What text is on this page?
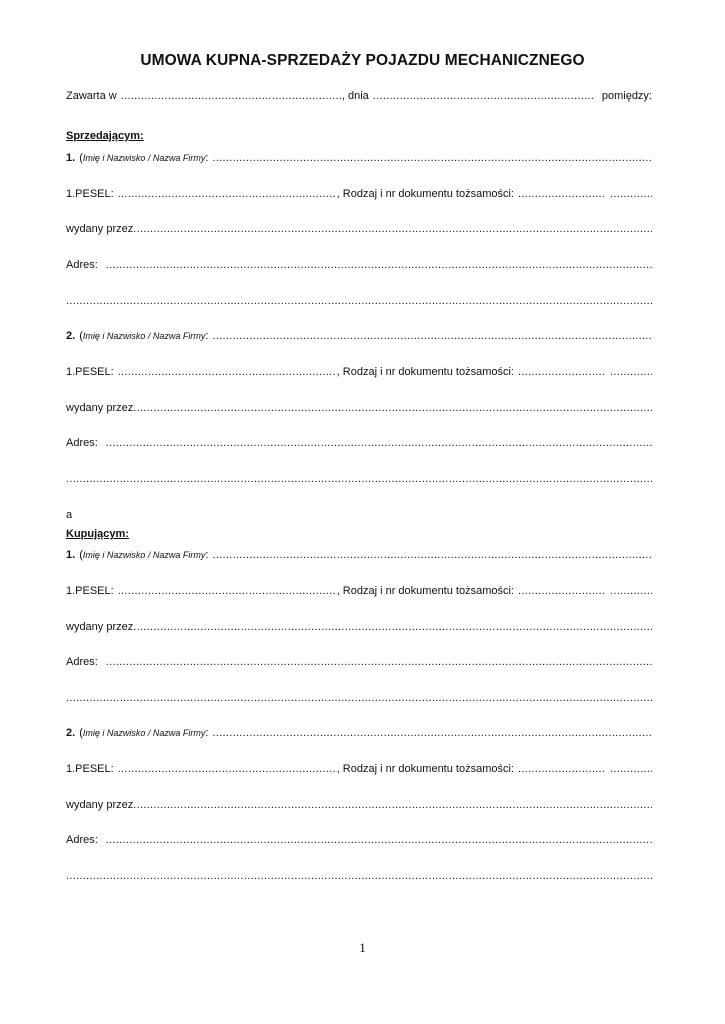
UMOWA KUPNA-SPRZEDAŻY POJAZDU MECHANICZNEGO
Zawarta w .....	, dnia .....	pomiędzy:
Sprzedającym:
1. ( Imię i Nazwisko / Nazwa Firmy :
.....
1.PESEL: .....	, Rodzaj i nr dokumentu tożsamości:
.....
.....
wydany przez
.....
Adres:
.....
.....
2. ( Imię i Nazwisko / Nazwa Firmy :
.....
1.PESEL: .....	, Rodzaj i nr dokumentu tożsamości:
.....
.....
wydany przez
.....
Adres:
.....
.....
a
Kupującym:
1. ( Imię i Nazwisko / Nazwa Firmy :
.....
1.PESEL: .....	, Rodzaj i nr dokumentu tożsamości:
.....
.....
wydany przez
.....
Adres:
.....
.....
2. ( Imię i Nazwisko / Nazwa Firmy :
.....
1.PESEL: .....	, Rodzaj i nr dokumentu tożsamości:
.....
.....
wydany przez
.....
Adres:
.....
.....
1
